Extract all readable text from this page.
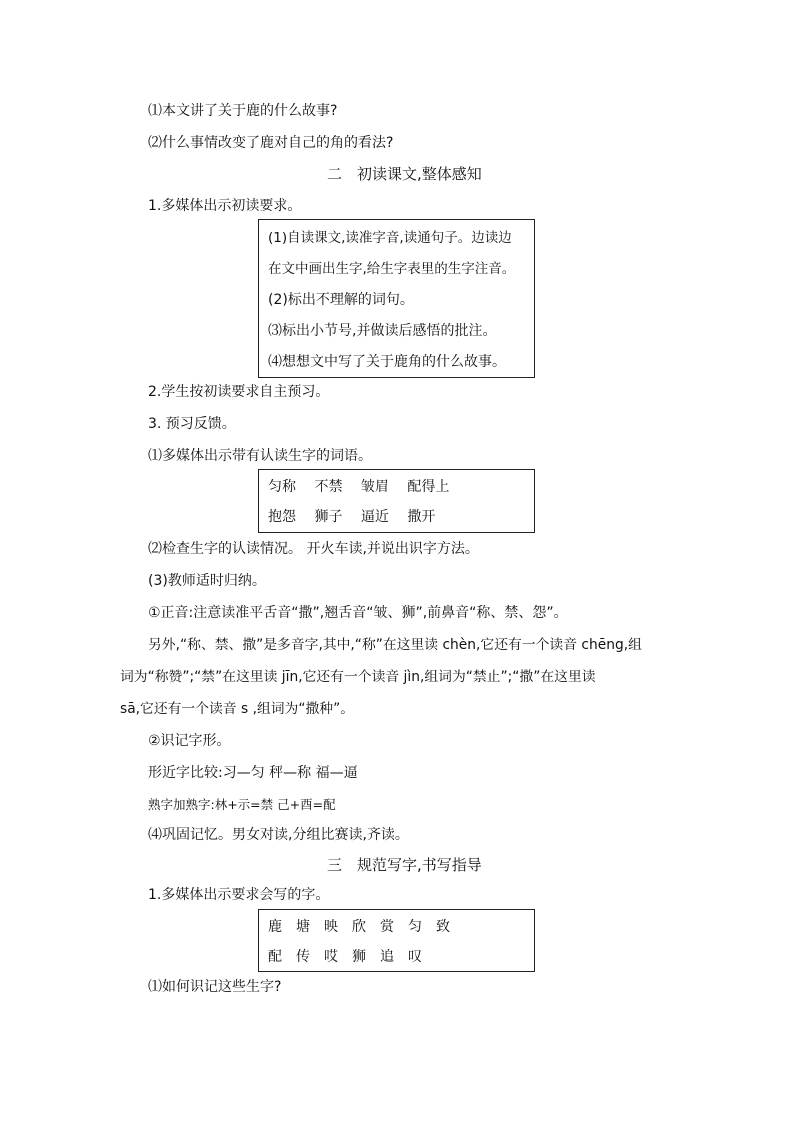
⑴本文讲了关于鹿的什么故事?
⑵什么事情改变了鹿对自己的角的看法?
二　初读课文,整体感知
1.多媒体出示初读要求。
(1)自读课文,读准字音,读通句子。边读边
在文中画出生字,给生字表里的生字注音。
(2)标出不理解的词句。
⑶标出小节号,并做读后感悟的批注。
⑷想想文中写了关于鹿角的什么故事。
2.学生按初读要求自主预习。
3. 预习反馈。
⑴多媒体出示带有认读生字的词语。
匀称 不禁 皱眉 配得上
抱怨 狮子 逼近 撒开
⑵检查生字的认读情况。 开火车读,并说出识字方法。
(3)教师适时归纳。
①正音:注意读准平舌音“撒”,翘舌音“皱、狮”,前鼻音“称、禁、怨”。
另外,“称、禁、撒”是多音字,其中,“称”在这里读 chèn,它还有一个读音 chēng,组
词为“称赞”;“禁”在这里读 jīn,它还有一个读音 jìn,组词为“禁止”;“撒”在这里读
sā,它还有一个读音 s ,组词为“撒种”。
②识记字形。
形近字比较:习—匀 秤—称 福—逼
熟字加熟字:林+示=禁 己+酉=配
⑷巩固记忆。男女对读,分组比赛读,齐读。
三　规范写字,书写指导
1.多媒体出示要求会写的字。
鹿 塘 映 欣 赏 匀 致
配 传 哎 狮 追 叹
⑴如何识记这些生字?
